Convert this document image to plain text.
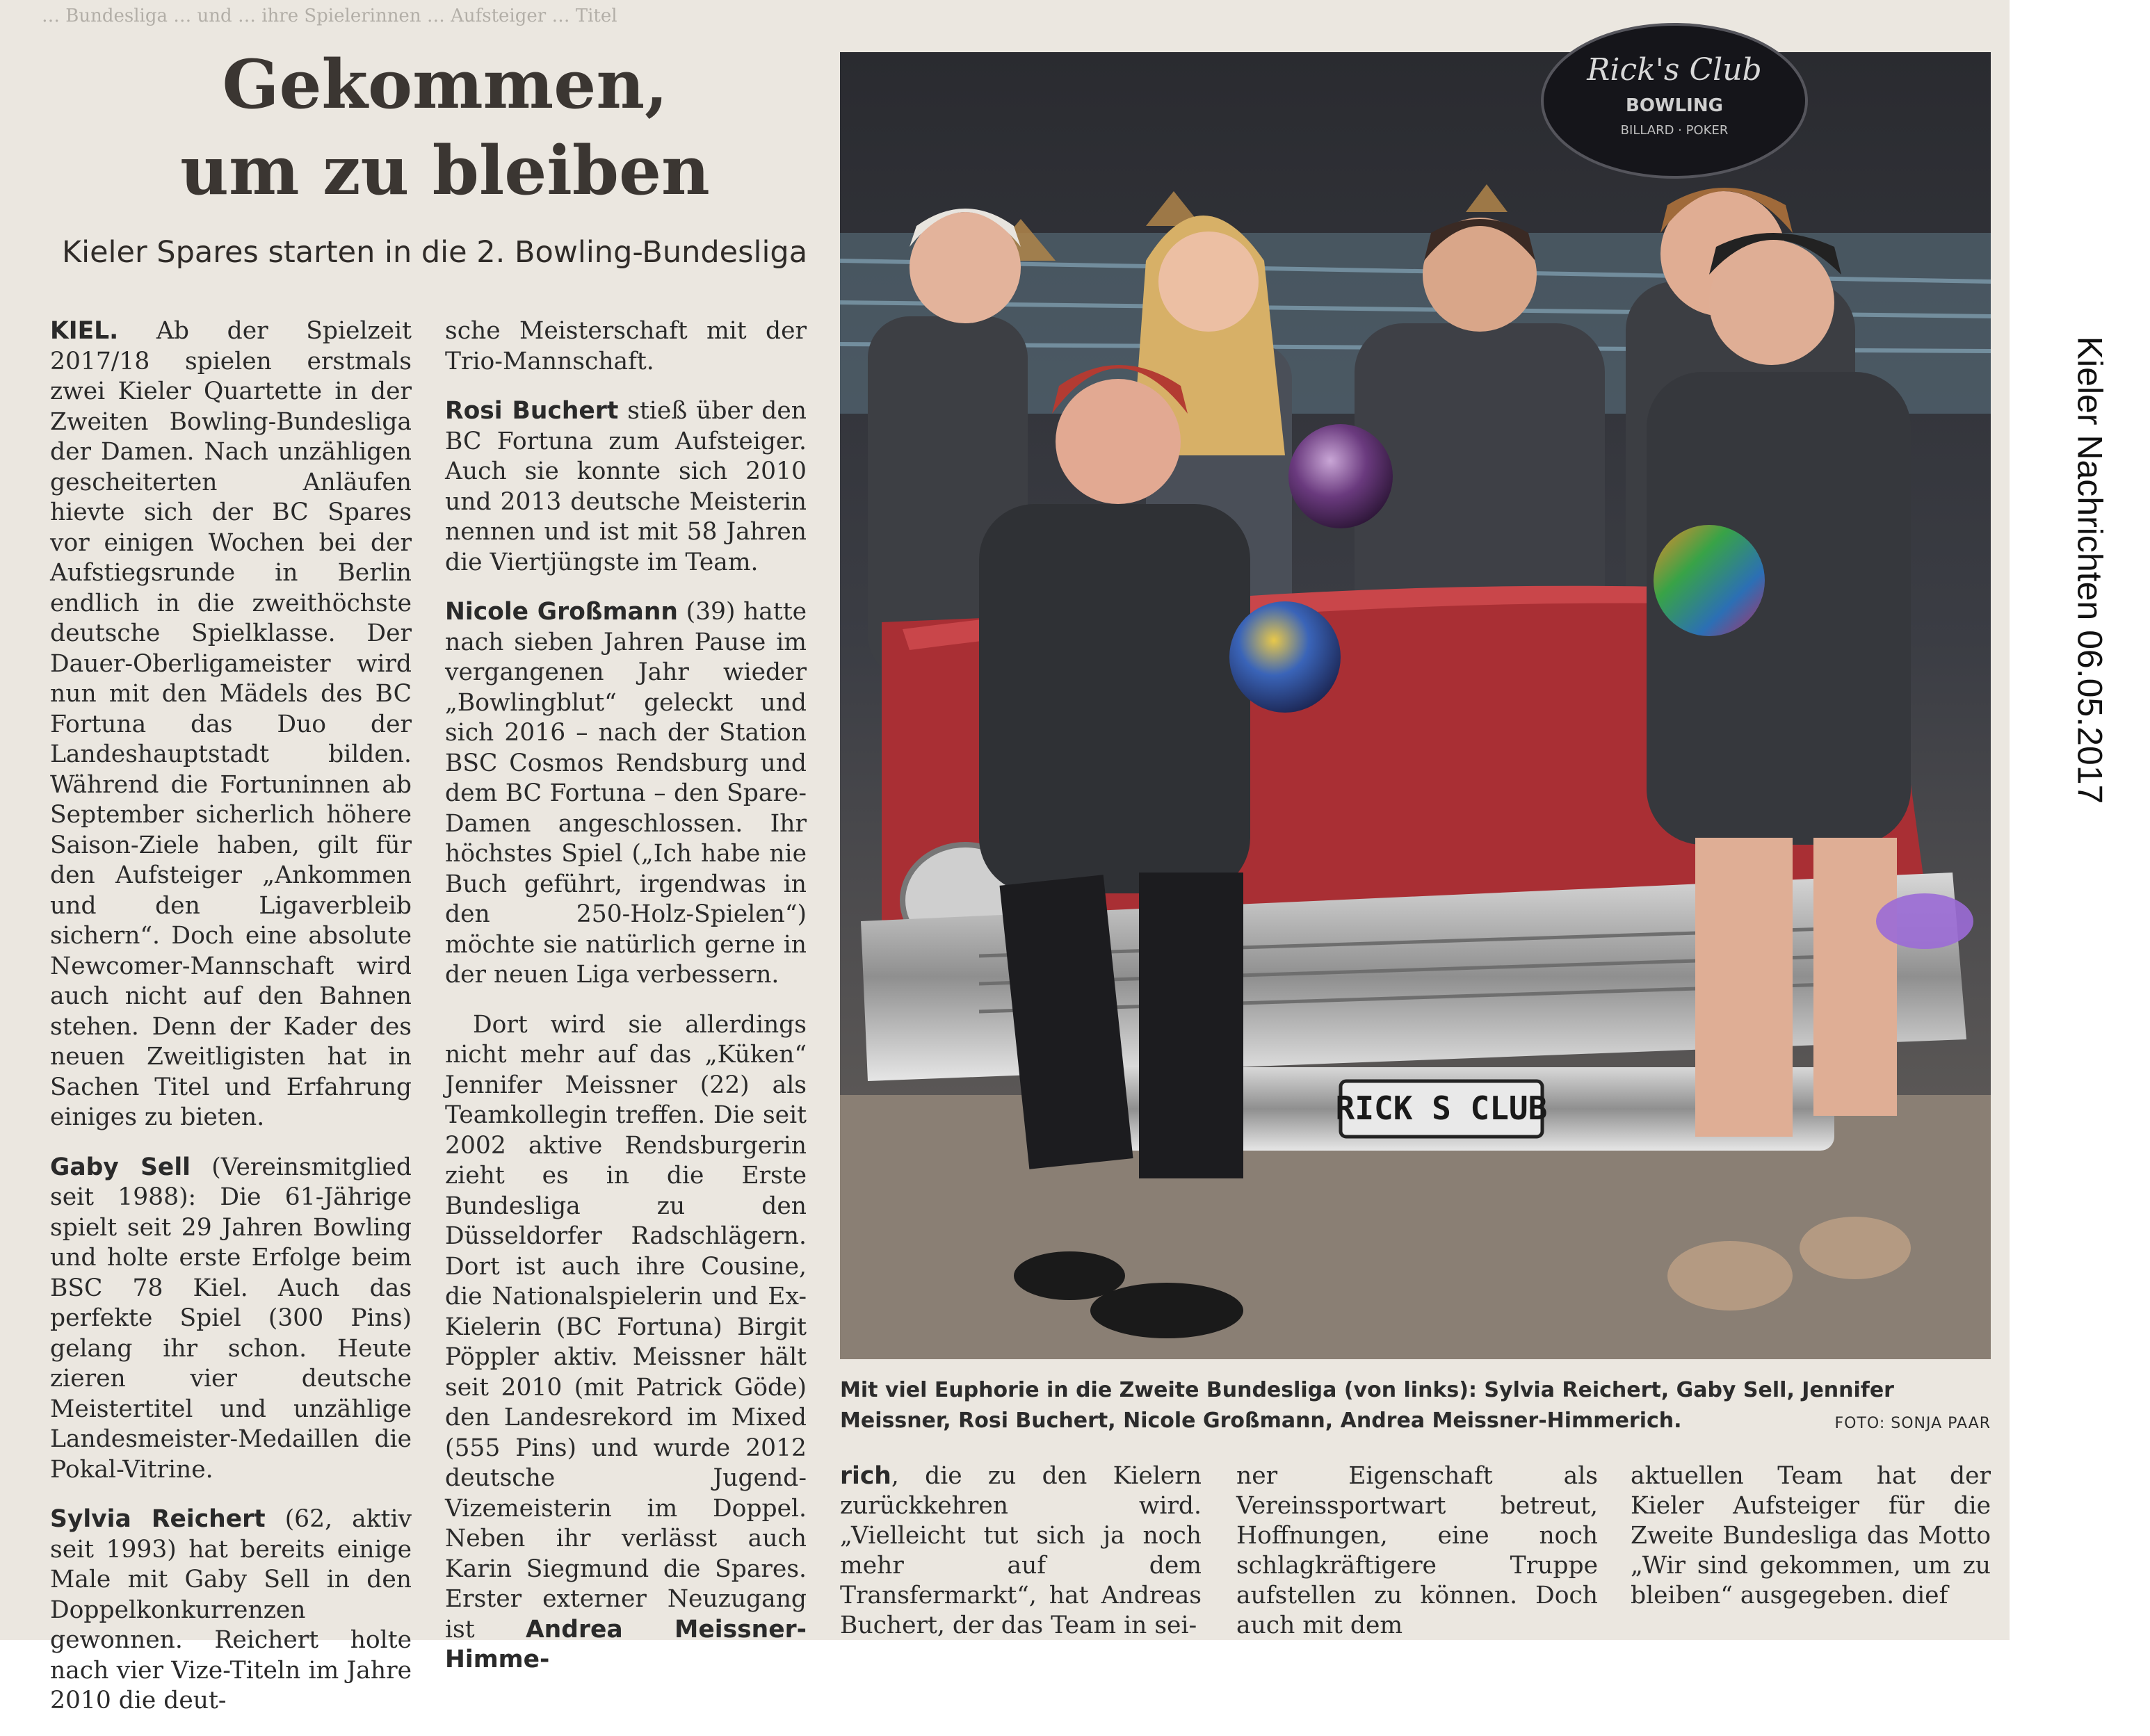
… Bundesliga … und … ihre Spielerinnen … Aufsteiger … Titel
Gekommen,
um zu bleiben
Kieler Spares starten in die 2. Bowling-Bundesliga

KIEL. Ab der Spielzeit 2017/18 spielen erstmals zwei Kieler Quartette in der Zweiten Bowling-Bundesliga der Damen. Nach unzähligen gescheiterten Anläufen hievte sich der BC Spares vor einigen Wochen bei der Aufstiegsrunde in Berlin endlich in die zweithöchste deutsche Spielklasse. Der Dauer-Oberligameister wird nun mit den Mädels des BC Fortuna das Duo der Landeshauptstadt bilden. Während die Fortuninnen ab September sicherlich höhere Saison-Ziele haben, gilt für den Aufsteiger „Ankommen und den Ligaverbleib sichern“. Doch eine absolute Newcomer-Mannschaft wird auch nicht auf den Bahnen stehen. Denn der Kader des neuen Zweitligisten hat in Sachen Titel und Erfahrung einiges zu bieten.

Gaby Sell (Vereinsmitglied seit 1988): Die 61-Jährige spielt seit 29 Jahren Bowling und holte erste Erfolge beim BSC 78 Kiel. Auch das perfekte Spiel (300 Pins) gelang ihr schon. Heute zieren vier deutsche Meistertitel und unzählige Landesmeister-Medaillen die Pokal-Vitrine.

Sylvia Reichert (62, aktiv seit 1993) hat bereits einige Male mit Gaby Sell in den Doppelkonkurrenzen gewonnen. Reichert holte nach vier Vize-Titeln im Jahre 2010 die deut-

sche Meisterschaft mit der Trio-Mannschaft.

Rosi Buchert stieß über den BC Fortuna zum Aufsteiger. Auch sie konnte sich 2010 und 2013 deutsche Meisterin nennen und ist mit 58 Jahren die Viertjüngste im Team.

Nicole Großmann (39) hatte nach sieben Jahren Pause im vergangenen Jahr wieder „Bowlingblut“ geleckt und sich 2016 – nach der Station BSC Cosmos Rendsburg und dem BC Fortuna – den Spare-Damen angeschlossen. Ihr höchstes Spiel („Ich habe nie Buch geführt, irgendwas in den 250-Holz-Spielen“) möchte sie natürlich gerne in der neuen Liga verbessern.

Dort wird sie allerdings nicht mehr auf das „Küken“ Jennifer Meissner (22) als Teamkollegin treffen. Die seit 2002 aktive Rendsburgerin zieht es in die Erste Bundesliga zu den Düsseldorfer Radschlägern. Dort ist auch ihre Cousine, die Nationalspielerin und Ex-Kielerin (BC Fortuna) Birgit Pöppler aktiv. Meissner hält seit 2010 (mit Patrick Göde) den Landesrekord im Mixed (555 Pins) und wurde 2012 deutsche Jugend-Vizemeisterin im Doppel. Neben ihr verlässt auch Karin Siegmund die Spares. Erster externer Neuzugang ist Andrea Meissner-Himme-

Rick's Club
BOWLING
BILLARD · POKER
RICK S CLUB
Mit viel Euphorie in die Zweite Bundesliga (von links): Sylvia Reichert, Gaby Sell, Jennifer Meissner, Rosi Buchert, Nicole Großmann, Andrea Meissner-Himmerich.	FOTO: SONJA PAAR
rich, die zu den Kielern zurückkehren wird. „Vielleicht tut sich ja noch mehr auf dem Transfermarkt“, hat Andreas Buchert, der das Team in sei-
ner Eigenschaft als Vereinssportwart betreut, Hoffnungen, eine noch schlagkräftigere Truppe aufstellen zu können. Doch auch mit dem
aktuellen Team hat der Kieler Aufsteiger für die Zweite Bundesliga das Motto „Wir sind gekommen, um zu bleiben“ ausgegeben. dief
Kieler Nachrichten 06.05.2017
